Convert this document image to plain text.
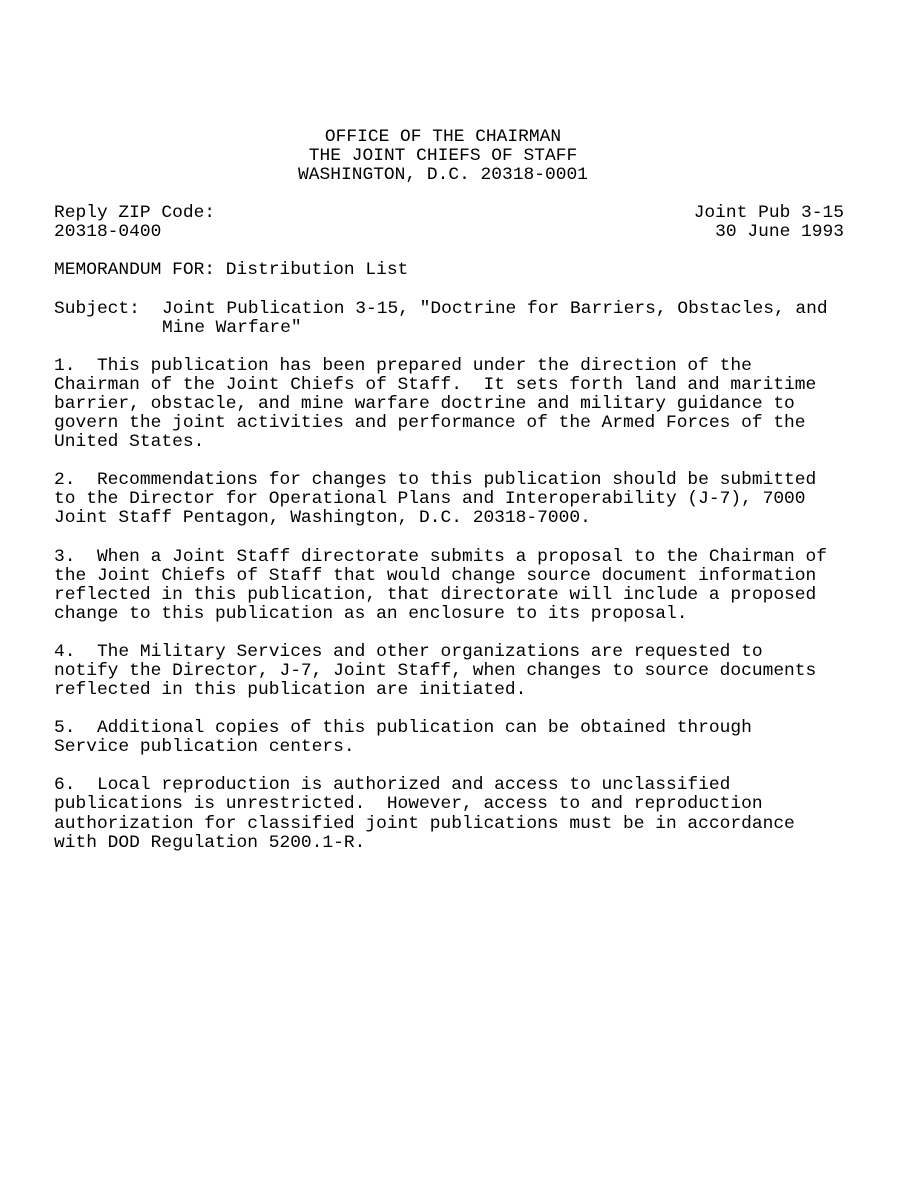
OFFICE OF THE CHAIRMAN
THE JOINT CHIEFS OF STAFF
WASHINGTON, D.C. 20318-0001
Reply ZIP Code:
20318-0400
Joint Pub 3-15
30 June 1993
MEMORANDUM FOR: Distribution List
Subject:	Joint Publication 3-15, "Doctrine for Barriers, Obstacles, and
Mine Warfare"
1.  This publication has been prepared under the direction of the
Chairman of the Joint Chiefs of Staff.  It sets forth land and maritime
barrier, obstacle, and mine warfare doctrine and military guidance to
govern the joint activities and performance of the Armed Forces of the
United States.
2.  Recommendations for changes to this publication should be submitted
to the Director for Operational Plans and Interoperability (J-7), 7000
Joint Staff Pentagon, Washington, D.C. 20318-7000.
3.  When a Joint Staff directorate submits a proposal to the Chairman of
the Joint Chiefs of Staff that would change source document information
reflected in this publication, that directorate will include a proposed
change to this publication as an enclosure to its proposal.
4.  The Military Services and other organizations are requested to
notify the Director, J-7, Joint Staff, when changes to source documents
reflected in this publication are initiated.
5.  Additional copies of this publication can be obtained through
Service publication centers.
6.  Local reproduction is authorized and access to unclassified
publications is unrestricted.  However, access to and reproduction
authorization for classified joint publications must be in accordance
with DOD Regulation 5200.1-R.
